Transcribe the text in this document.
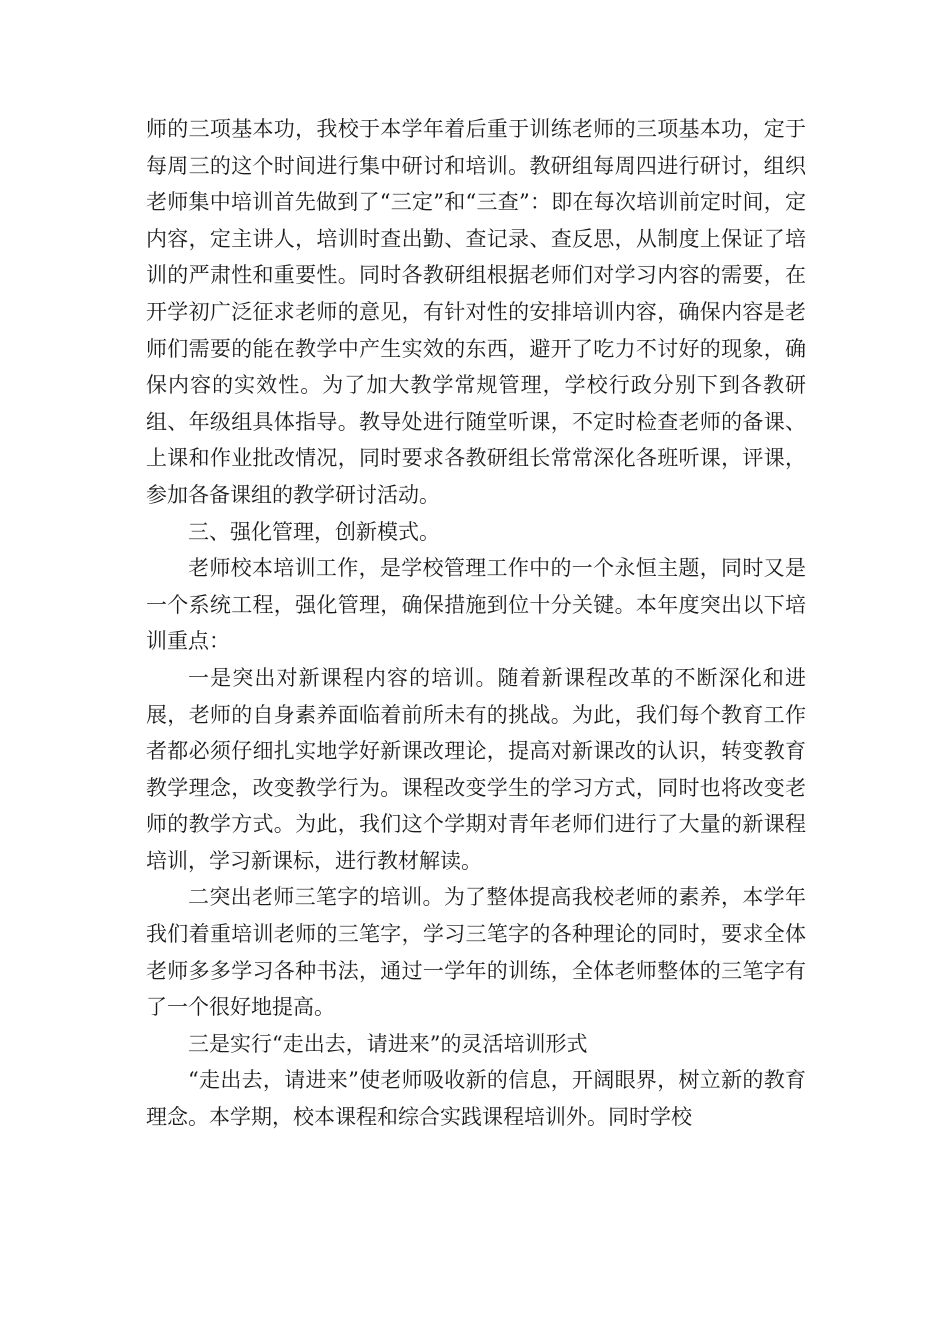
师的三项基本功，我校于本学年着后重于训练老师的三项基本功，定于每周三的这个时间进行集中研讨和培训。教研组每周四进行研讨，组织老师集中培训首先做到了“三定”和“三查”：即在每次培训前定时间，定内容，定主讲人，培训时查出勤、查记录、查反思，从制度上保证了培训的严肃性和重要性。同时各教研组根据老师们对学习内容的需要，在开学初广泛征求老师的意见，有针对性的安排培训内容，确保内容是老师们需要的能在教学中产生实效的东西，避开了吃力不讨好的现象，确保内容的实效性。为了加大教学常规管理，学校行政分别下到各教研组、年级组具体指导。教导处进行随堂听课，不定时检查老师的备课、上课和作业批改情况，同时要求各教研组长常常深化各班听课，评课，参加各备课组的教学研讨活动。

三、强化管理，创新模式。

老师校本培训工作，是学校管理工作中的一个永恒主题，同时又是一个系统工程，强化管理，确保措施到位十分关键。本年度突出以下培训重点：

一是突出对新课程内容的培训。随着新课程改革的不断深化和进展，老师的自身素养面临着前所未有的挑战。为此，我们每个教育工作者都必须仔细扎实地学好新课改理论，提高对新课改的认识，转变教育教学理念，改变教学行为。课程改变学生的学习方式，同时也将改变老师的教学方式。为此，我们这个学期对青年老师们进行了大量的新课程培训，学习新课标，进行教材解读。

二突出老师三笔字的培训。为了整体提高我校老师的素养，本学年我们着重培训老师的三笔字，学习三笔字的各种理论的同时，要求全体老师多多学习各种书法，通过一学年的训练，全体老师整体的三笔字有了一个很好地提高。

三是实行“走出去，请进来”的灵活培训形式

“走出去，请进来”使老师吸收新的信息，开阔眼界，树立新的教育理念。本学期，校本课程和综合实践课程培训外。同时学校
